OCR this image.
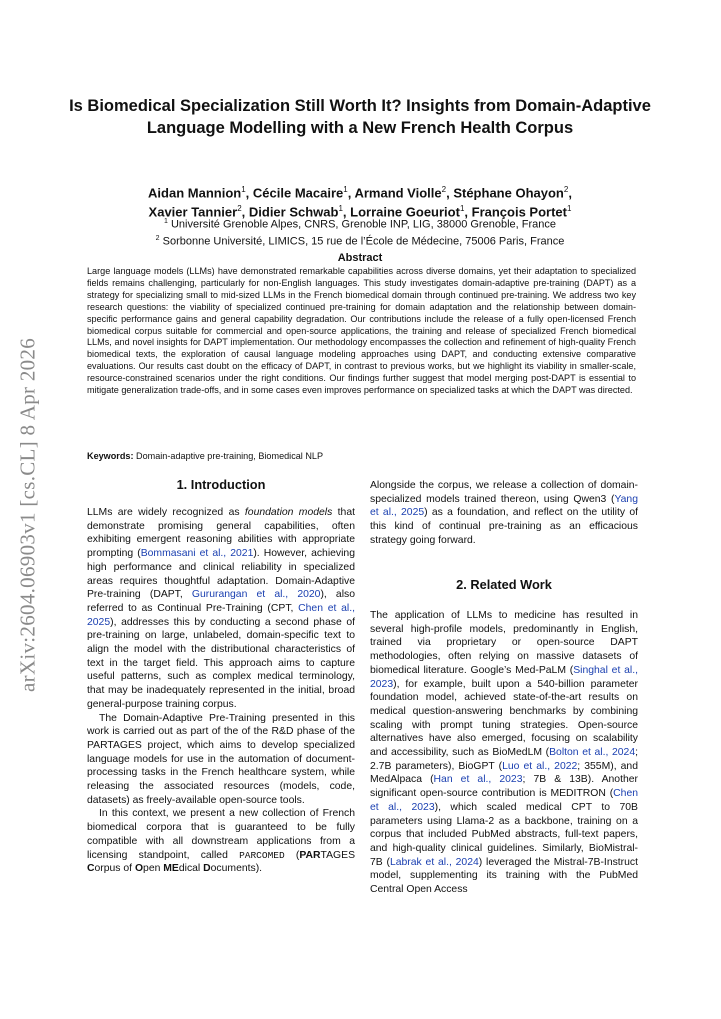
arXiv:2604.06903v1 [cs.CL] 8 Apr 2026
Is Biomedical Specialization Still Worth It? Insights from Domain-Adaptive Language Modelling with a New French Health Corpus
Aidan Mannion$^1$, Cécile Macaire$^1$, Armand Violle$^2$, Stéphane Ohayon$^2$,
Xavier Tannier$^2$, Didier Schwab$^1$, Lorraine Goeuriot$^1$, François Portet$^1$
$^1$ Université Grenoble Alpes, CNRS, Grenoble INP, LIG, 38000 Grenoble, France
$^2$ Sorbonne Université, LIMICS, 15 rue de l’École de Médecine, 75006 Paris, France
Abstract
Large language models (LLMs) have demonstrated remarkable capabilities across diverse domains, yet their adaptation to specialized fields remains challenging, particularly for non-English languages. This study investigates domain-adaptive pre-training (DAPT) as a strategy for specializing small to mid-sized LLMs in the French biomedical domain through continued pre-training. We address two key research questions: the viability of specialized continued pre-training for domain adaptation and the relationship between domain-specific performance gains and general capability degradation. Our contributions include the release of a fully open-licensed French biomedical corpus suitable for commercial and open-source applications, the training and release of specialized French biomedical LLMs, and novel insights for DAPT implementation. Our methodology encompasses the collection and refinement of high-quality French biomedical texts, the exploration of causal language modeling approaches using DAPT, and conducting extensive comparative evaluations. Our results cast doubt on the efficacy of DAPT, in contrast to previous works, but we highlight its viability in smaller-scale, resource-constrained scenarios under the right conditions. Our findings further suggest that model merging post-DAPT is essential to mitigate generalization trade-offs, and in some cases even improves performance on specialized tasks at which the DAPT was directed.
Keywords: Domain-adaptive pre-training, Biomedical NLP
1. Introduction

LLMs are widely recognized as foundation models that demonstrate promising general capabilities, often exhibiting emergent reasoning abilities with appropriate prompting (Bommasani et al., 2021). However, achieving high performance and clinical reliability in specialized areas requires thoughtful adaptation. Domain-Adaptive Pre-training (DAPT, Gururangan et al., 2020), also referred to as Continual Pre-Training (CPT, Chen et al., 2025), addresses this by conducting a second phase of pre-training on large, unlabeled, domain-specific text to align the model with the distributional characteristics of text in the target field. This approach aims to capture useful patterns, such as complex medical terminology, that may be inadequately represented in the initial, broad general-purpose training corpus.

The Domain-Adaptive Pre-Training presented in this work is carried out as part of the of the R&D phase of the PARTAGES project, which aims to develop specialized language models for use in the automation of document-processing tasks in the French healthcare system, while releasing the associated resources (models, code, datasets) as freely-available open-source tools.

In this context, we present a new collection of French biomedical corpora that is guaranteed to be fully compatible with all downstream applications from a licensing standpoint, called PARCOMED (PARTAGES Corpus of Open MEdical Documents).

Alongside the corpus, we release a collection of domain-specialized models trained thereon, using Qwen3 (Yang et al., 2025) as a foundation, and reflect on the utility of this kind of continual pre-training as an efficacious strategy going forward.

2. Related Work

The application of LLMs to medicine has resulted in several high-profile models, predominantly in English, trained via proprietary or open-source DAPT methodologies, often relying on massive datasets of biomedical literature. Google’s Med-PaLM (Singhal et al., 2023), for example, built upon a 540-billion parameter foundation model, achieved state-of-the-art results on medical question-answering benchmarks by combining scaling with prompt tuning strategies. Open-source alternatives have also emerged, focusing on scalability and accessibility, such as BioMedLM (Bolton et al., 2024; 2.7B parameters), BioGPT (Luo et al., 2022; 355M), and MedAlpaca (Han et al., 2023; 7B & 13B). Another significant open-source contribution is MEDITRON (Chen et al., 2023), which scaled medical CPT to 70B parameters using Llama-2 as a backbone, training on a corpus that included PubMed abstracts, full-text papers, and high-quality clinical guidelines. Similarly, BioMistral-7B (Labrak et al., 2024) leveraged the Mistral-7B-Instruct model, supplementing its training with the PubMed Central Open Access
